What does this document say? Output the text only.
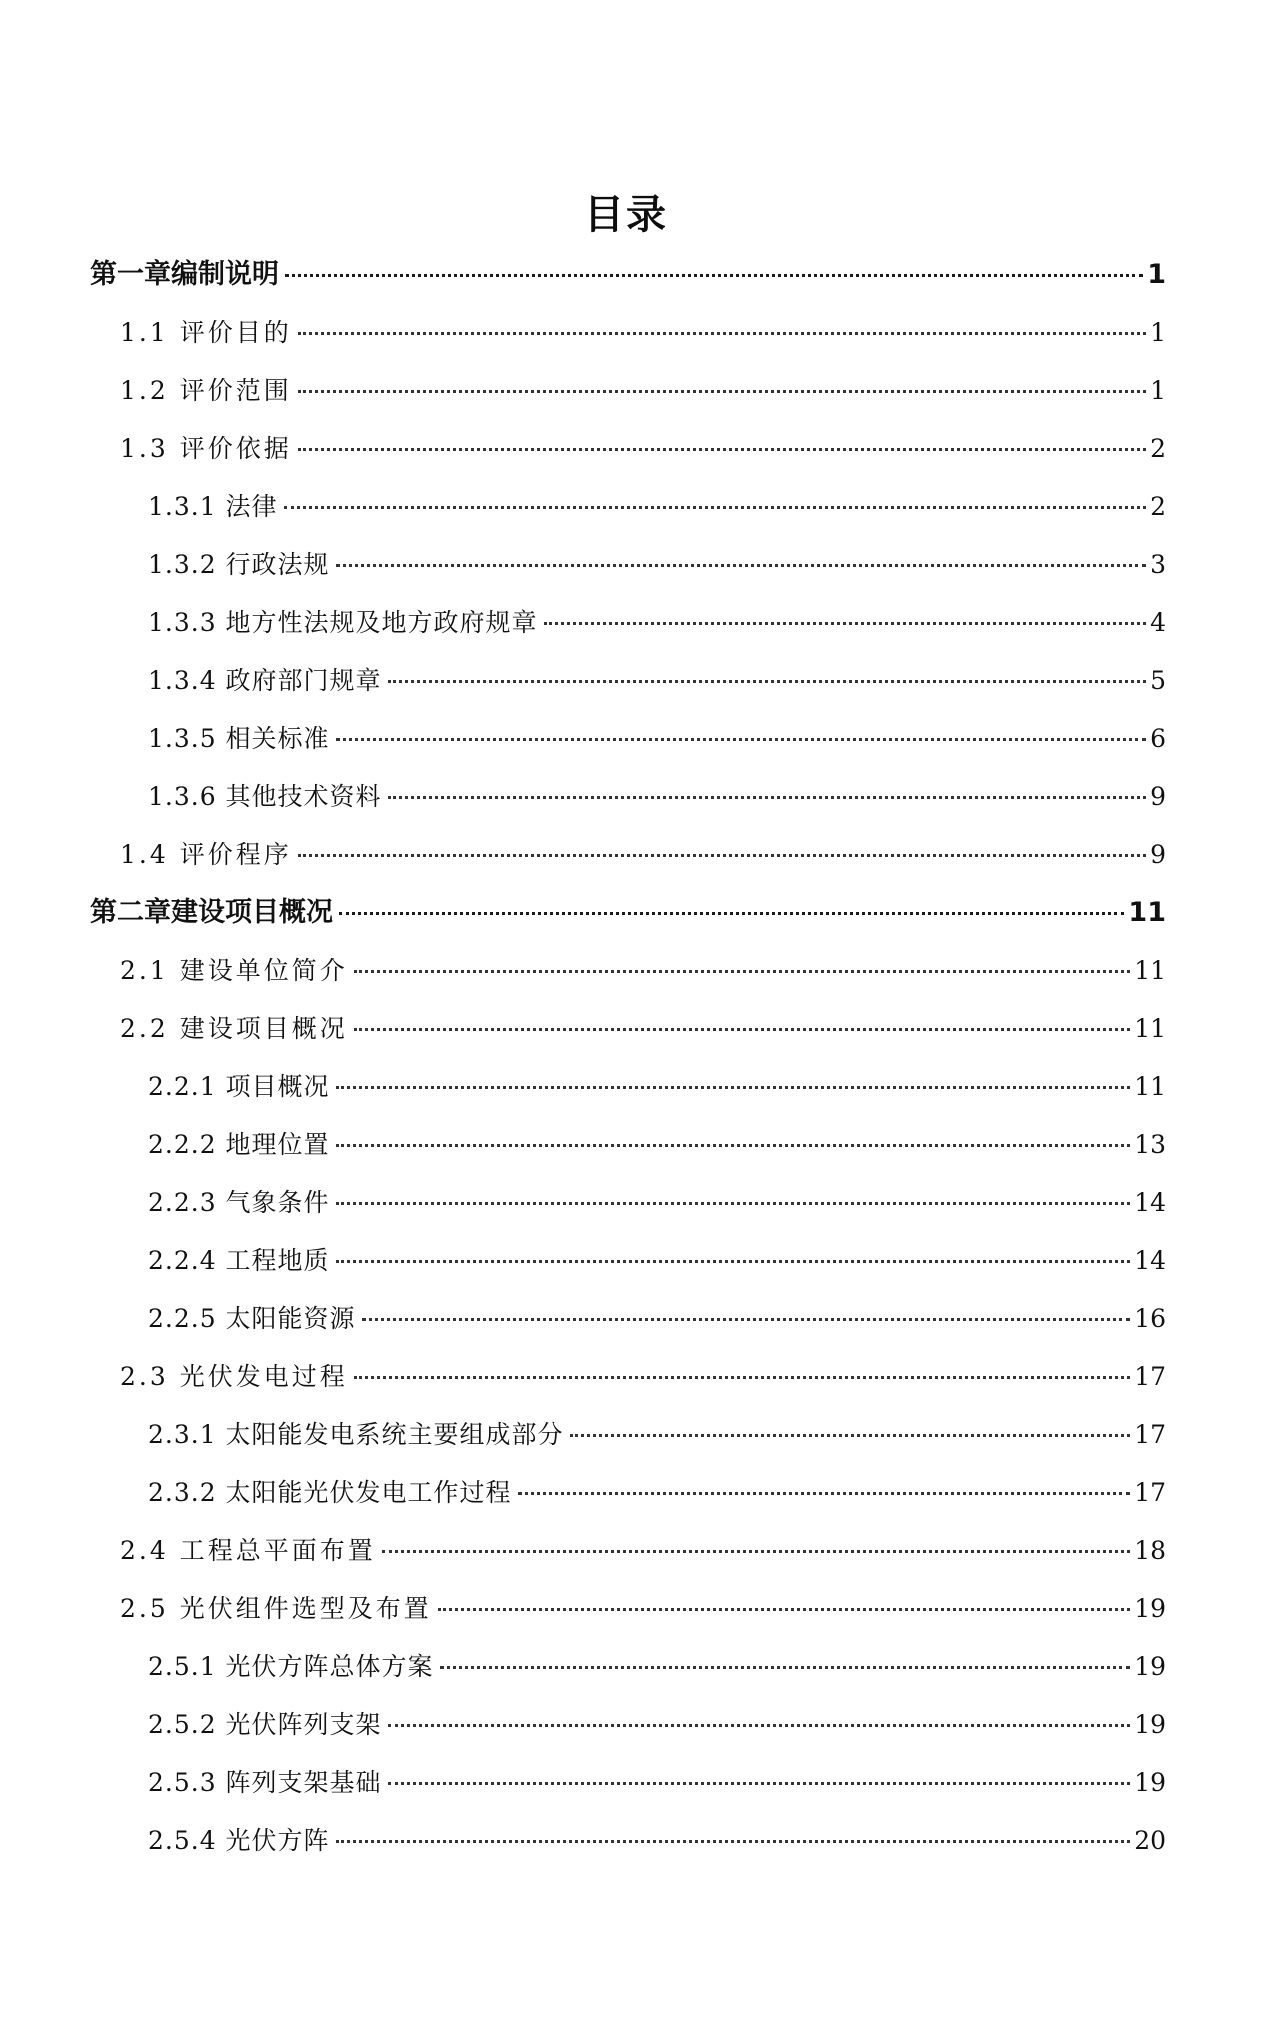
目录
第一章编制说明	1
1.1 评价目的	1
1.2 评价范围	1
1.3 评价依据	2
1.3.1 法律	2
1.3.2 行政法规	3
1.3.3 地方性法规及地方政府规章	4
1.3.4 政府部门规章	5
1.3.5 相关标准	6
1.3.6 其他技术资料	9
1.4 评价程序	9
第二章建设项目概况	11
2.1 建设单位简介	11
2.2 建设项目概况	11
2.2.1 项目概况	11
2.2.2 地理位置	13
2.2.3 气象条件	14
2.2.4 工程地质	14
2.2.5 太阳能资源	16
2.3 光伏发电过程	17
2.3.1 太阳能发电系统主要组成部分	17
2.3.2 太阳能光伏发电工作过程	17
2.4 工程总平面布置	18
2.5 光伏组件选型及布置	19
2.5.1 光伏方阵总体方案	19
2.5.2 光伏阵列支架	19
2.5.3 阵列支架基础	19
2.5.4 光伏方阵	20
